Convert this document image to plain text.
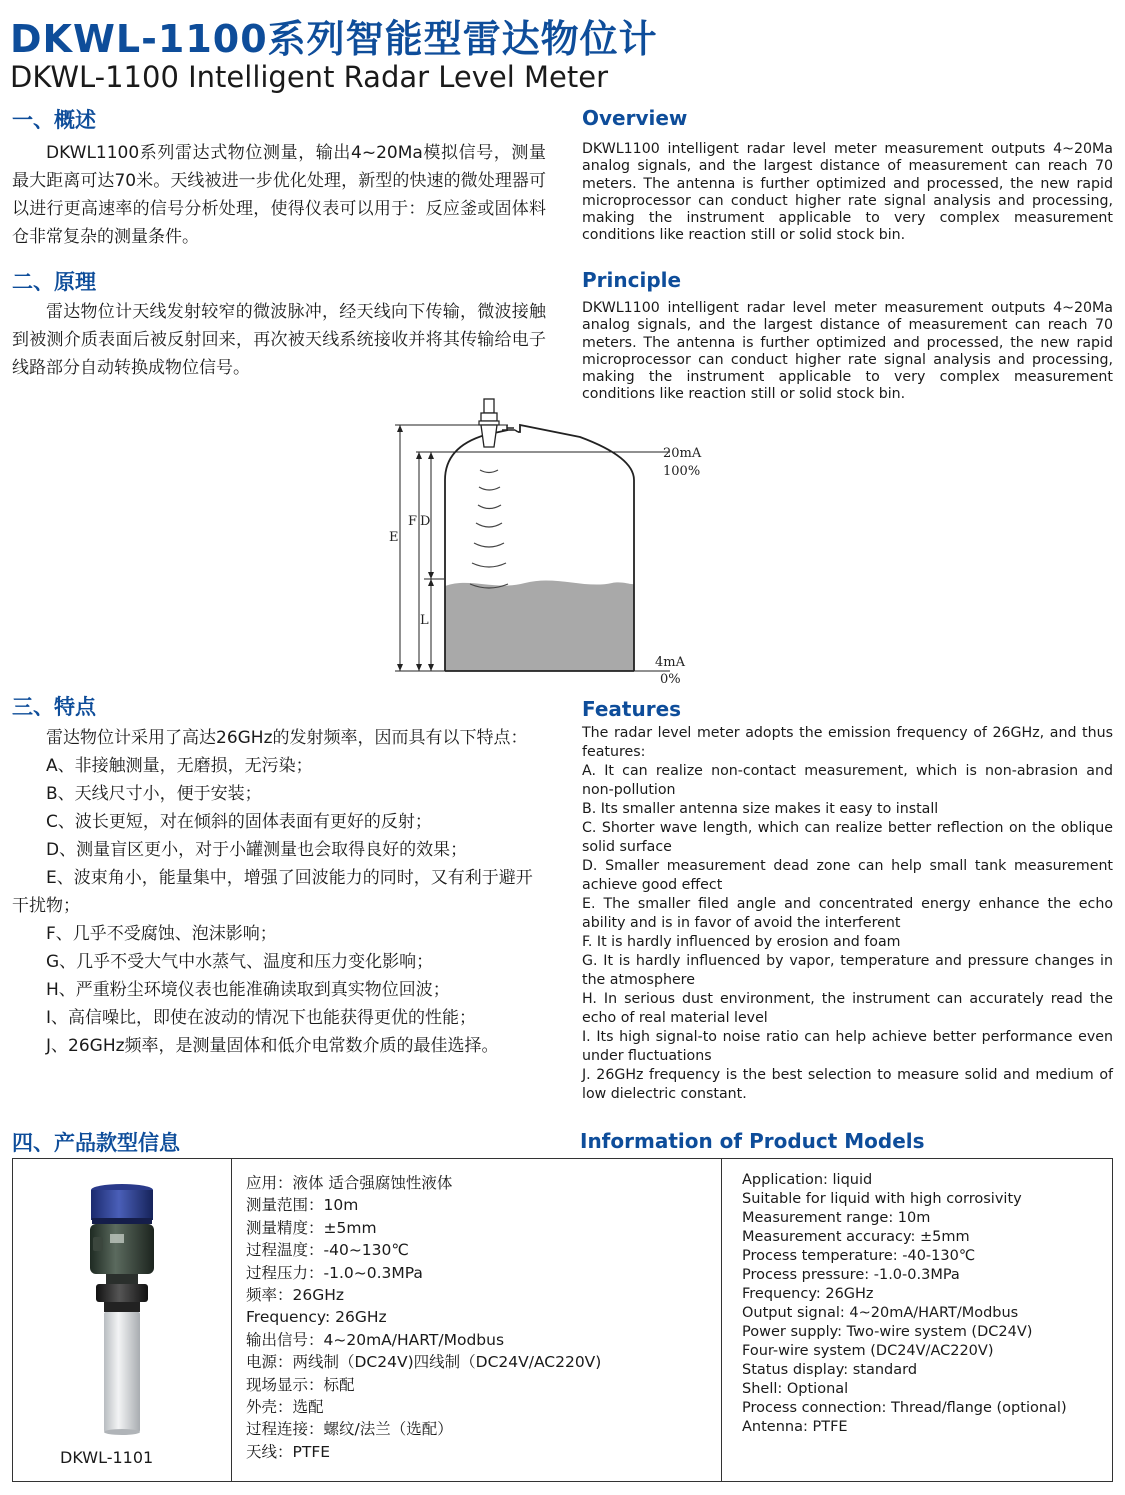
DKWL-1100系列智能型雷达物位计
DKWL-1100 Intelligent Radar Level Meter
一、概述	Overview
DKWL1100系列雷达式物位测量，输出4~20Ma模拟信号，测量最大距离可达70米。天线被进一步优化处理，新型的快速的微处理器可以进行更高速率的信号分析处理，使得仪表可以用于：反应釜或固体料仓非常复杂的测量条件。
DKWL1100 intelligent radar level meter measurement outputs 4~20Ma analog signals, and the largest distance of measurement can reach 70 meters. The antenna is further optimized and processed, the new rapid microprocessor can conduct higher rate signal analysis and processing, making the instrument applicable to very complex measurement conditions like reaction still or solid stock bin.
二、原理	Principle
雷达物位计天线发射较窄的微波脉冲，经天线向下传输，微波接触到被测介质表面后被反射回来，再次被天线系统接收并将其传输给电子线路部分自动转换成物位信号。
DKWL1100 intelligent radar level meter measurement outputs 4~20Ma analog signals, and the largest distance of measurement can reach 70 meters. The antenna is further optimized and processed, the new rapid microprocessor can conduct higher rate signal analysis and processing, making the instrument applicable to very complex measurement conditions like reaction still or solid stock bin.
E
F D
L
20mA
100%
4mA
0%
三、特点	Features

雷达物位计采用了高达26GHz的发射频率，因而具有以下特点：

A、非接触测量，无磨损，无污染；

B、天线尺寸小，便于安装；

C、波长更短，对在倾斜的固体表面有更好的反射；

D、测量盲区更小，对于小罐测量也会取得良好的效果；

E、波束角小，能量集中，增强了回波能力的同时，又有利于避开干扰物；

F、几乎不受腐蚀、泡沫影响；

G、几乎不受大气中水蒸气、温度和压力变化影响；

H、严重粉尘环境仪表也能准确读取到真实物位回波；

I、高信噪比，即使在波动的情况下也能获得更优的性能；

J、26GHz频率，是测量固体和低介电常数介质的最佳选择。

The radar level meter adopts the emission frequency of 26GHz, and thus features:

A. It can realize non-contact measurement, which is non-abrasion and non-pollution

B. Its smaller antenna size makes it easy to install

C. Shorter wave length, which can realize better reflection on the oblique solid surface

D. Smaller measurement dead zone can help small tank measurement achieve good effect

E. The smaller filed angle and concentrated energy enhance the echo ability and is in favor of avoid the interferent

F. It is hardly influenced by erosion and foam

G. It is hardly influenced by vapor, temperature and pressure changes in the atmosphere

H. In serious dust environment, the instrument can accurately read the echo of real material level

I. Its high signal-to noise ratio can help achieve better performance even under fluctuations

J. 26GHz frequency is the best selection to measure solid and medium of low dielectric constant.

四、产品款型信息	Information of Product Models
DKWL-1101

应用：液体 适合强腐蚀性液体

测量范围：10m

测量精度：±5mm

过程温度：-40~130℃

过程压力：-1.0~0.3MPa

频率：26GHz

Frequency: 26GHz

输出信号：4~20mA/HART/Modbus

电源：两线制（DC24V)四线制（DC24V/AC220V)

现场显示：标配

外壳：选配

过程连接：螺纹/法兰（选配）

天线：PTFE

Application: liquid

Suitable for liquid with high corrosivity

Measurement range: 10m

Measurement accuracy: ±5mm

Process temperature: -40-130℃

Process pressure: -1.0-0.3MPa

Frequency: 26GHz

Output signal: 4~20mA/HART/Modbus

Power supply: Two-wire system (DC24V)

Four-wire system (DC24V/AC220V)

Status display: standard

Shell: Optional

Process connection: Thread/flange (optional)

Antenna: PTFE
